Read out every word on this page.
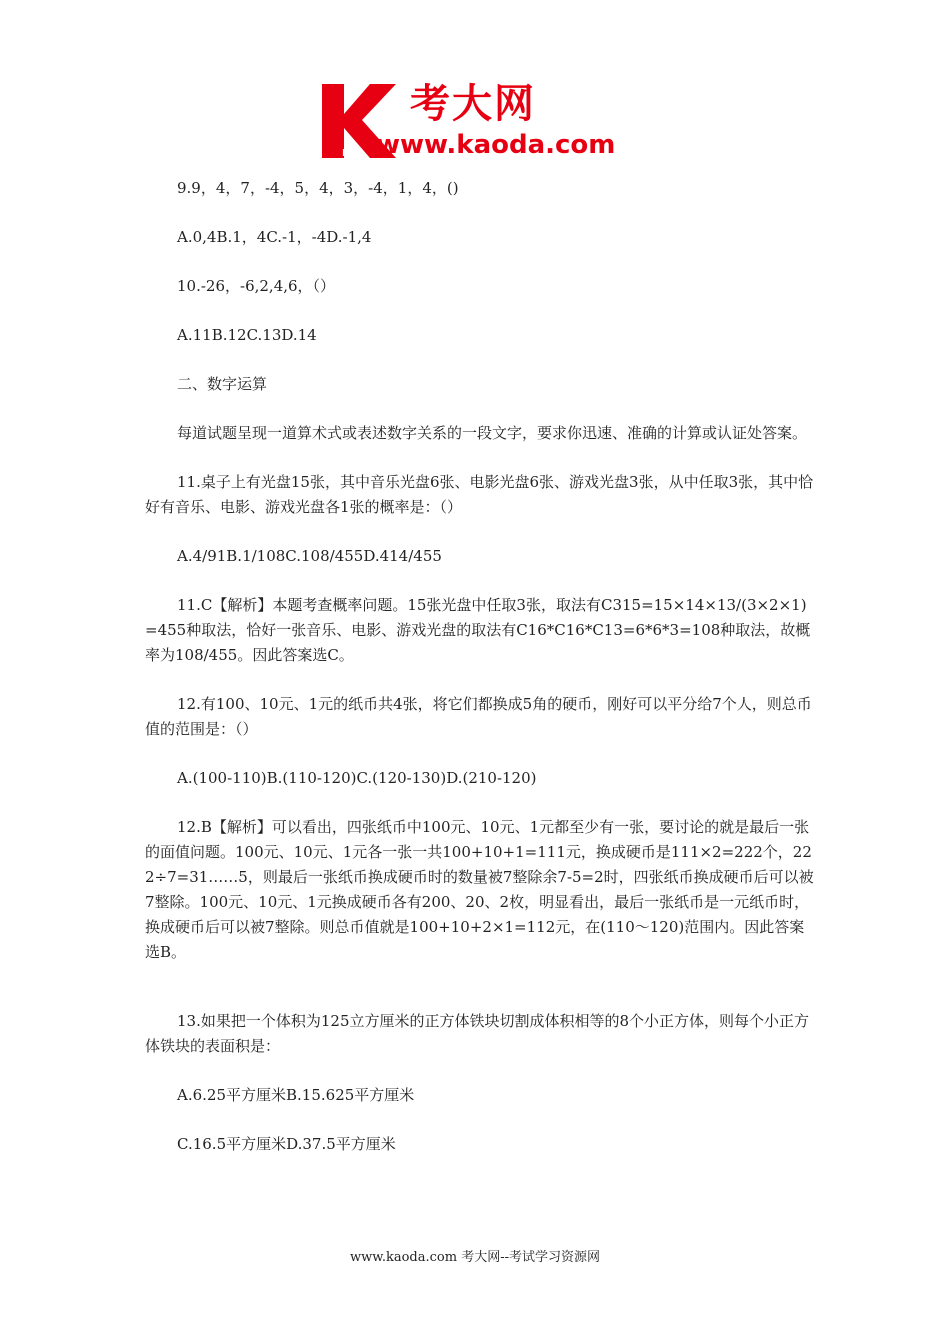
K
考大网
www.kaoda.com

9.9，4，7，-4，5，4，3，-4，1，4，()

A.0,4B.1，4C.-1，-4D.-1,4

10.-26，-6,2,4,6，（）

A.11B.12C.13D.14

二、数字运算

每道试题呈现一道算术式或表述数字关系的一段文字，要求你迅速、准确的计算或认证处答案。

11.桌子上有光盘15张，其中音乐光盘6张、电影光盘6张、游戏光盘3张，从中任取3张，其中恰好有音乐、电影、游戏光盘各1张的概率是：（）

A.4/91B.1/108C.108/455D.414/455

11.C【解析】本题考查概率问题。15张光盘中任取3张，取法有C315=15×14×13/(3×2×1)=455种取法，恰好一张音乐、电影、游戏光盘的取法有C16*C16*C13=6*6*3=108种取法，故概率为108/455。因此答案选C。

12.有100、10元、1元的纸币共4张，将它们都换成5角的硬币，刚好可以平分给7个人，则总币值的范围是：（）

A.(100-110)B.(110-120)C.(120-130)D.(210-120)

12.B【解析】可以看出，四张纸币中100元、10元、1元都至少有一张，要讨论的就是最后一张的面值问题。100元、10元、1元各一张一共100+10+1=111元，换成硬币是111×2=222个，222÷7=31……5，则最后一张纸币换成硬币时的数量被7整除余7-5=2时，四张纸币换成硬币后可以被7整除。100元、10元、1元换成硬币各有200、20、2枚，明显看出，最后一张纸币是一元纸币时，换成硬币后可以被7整除。则总币值就是100+10+2×1=112元，在(110～120)范围内。因此答案选B。

13.如果把一个体积为125立方厘米的正方体铁块切割成体积相等的8个小正方体，则每个小正方体铁块的表面积是：

A.6.25平方厘米B.15.625平方厘米

C.16.5平方厘米D.37.5平方厘米

www.kaoda.com 考大网--考试学习资源网
